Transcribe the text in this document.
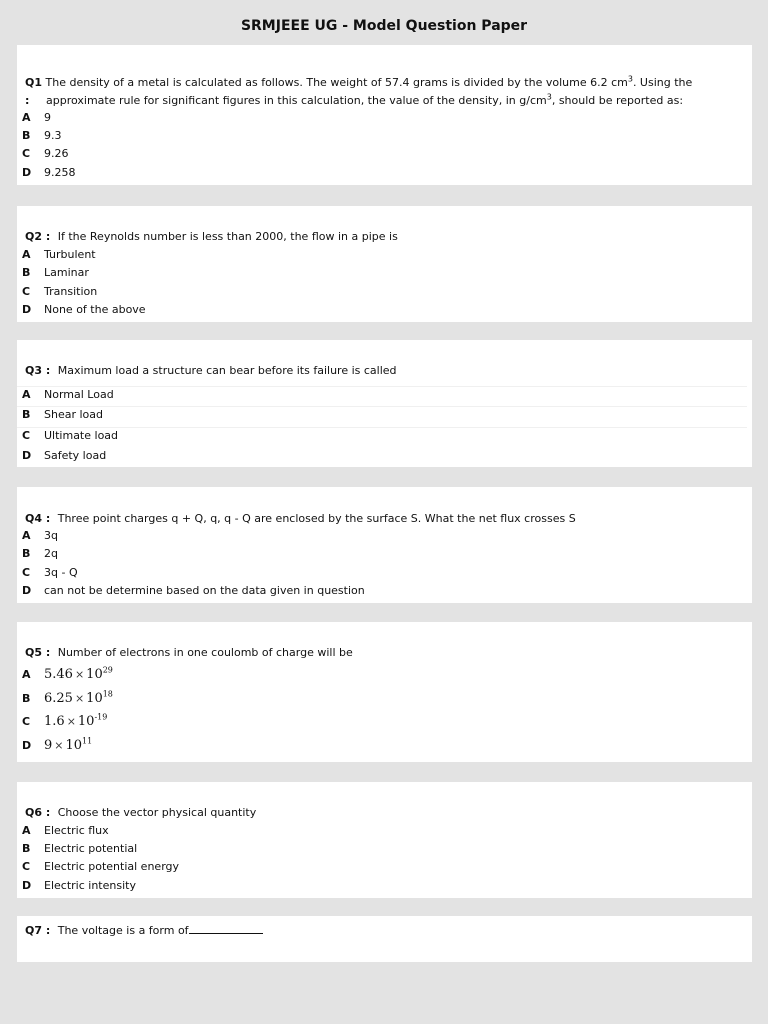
SRMJEEE UG - Model Question Paper
Q1 The density of a metal is calculated as follows. The weight of 57.4 grams is divided by the volume 6.2 $cm^3$. Using the
: approximate rule for significant figures in this calculation, the value of the density, in $g/cm^3$, should be reported as:
A 9
B 9.3
C 9.26
D 9.258
Q2 : If the Reynolds number is less than 2000, the flow in a pipe is
A Turbulent
B Laminar
C Transition
D None of the above
Q3 : Maximum load a structure can bear before its failure is called
A Normal Load
B Shear load
C Ultimate load
D Safety load
Q4 : Three point charges q + Q, q, q - Q are enclosed by the surface S. What the net flux crosses S
A 3q
B 2q
C 3q - Q
D can not be determine based on the data given in question
Q5 : Number of electrons in one coulomb of charge will be
A $5.46 \times 10^{29}$
B $6.25 \times 10^{18}$
C $1.6 \times 10^{-19}$
D $9 \times 10^{11}$
Q6 : Choose the vector physical quantity
A Electric flux
B Electric potential
C Electric potential energy
D Electric intensity
Q7 : The voltage is a form of
